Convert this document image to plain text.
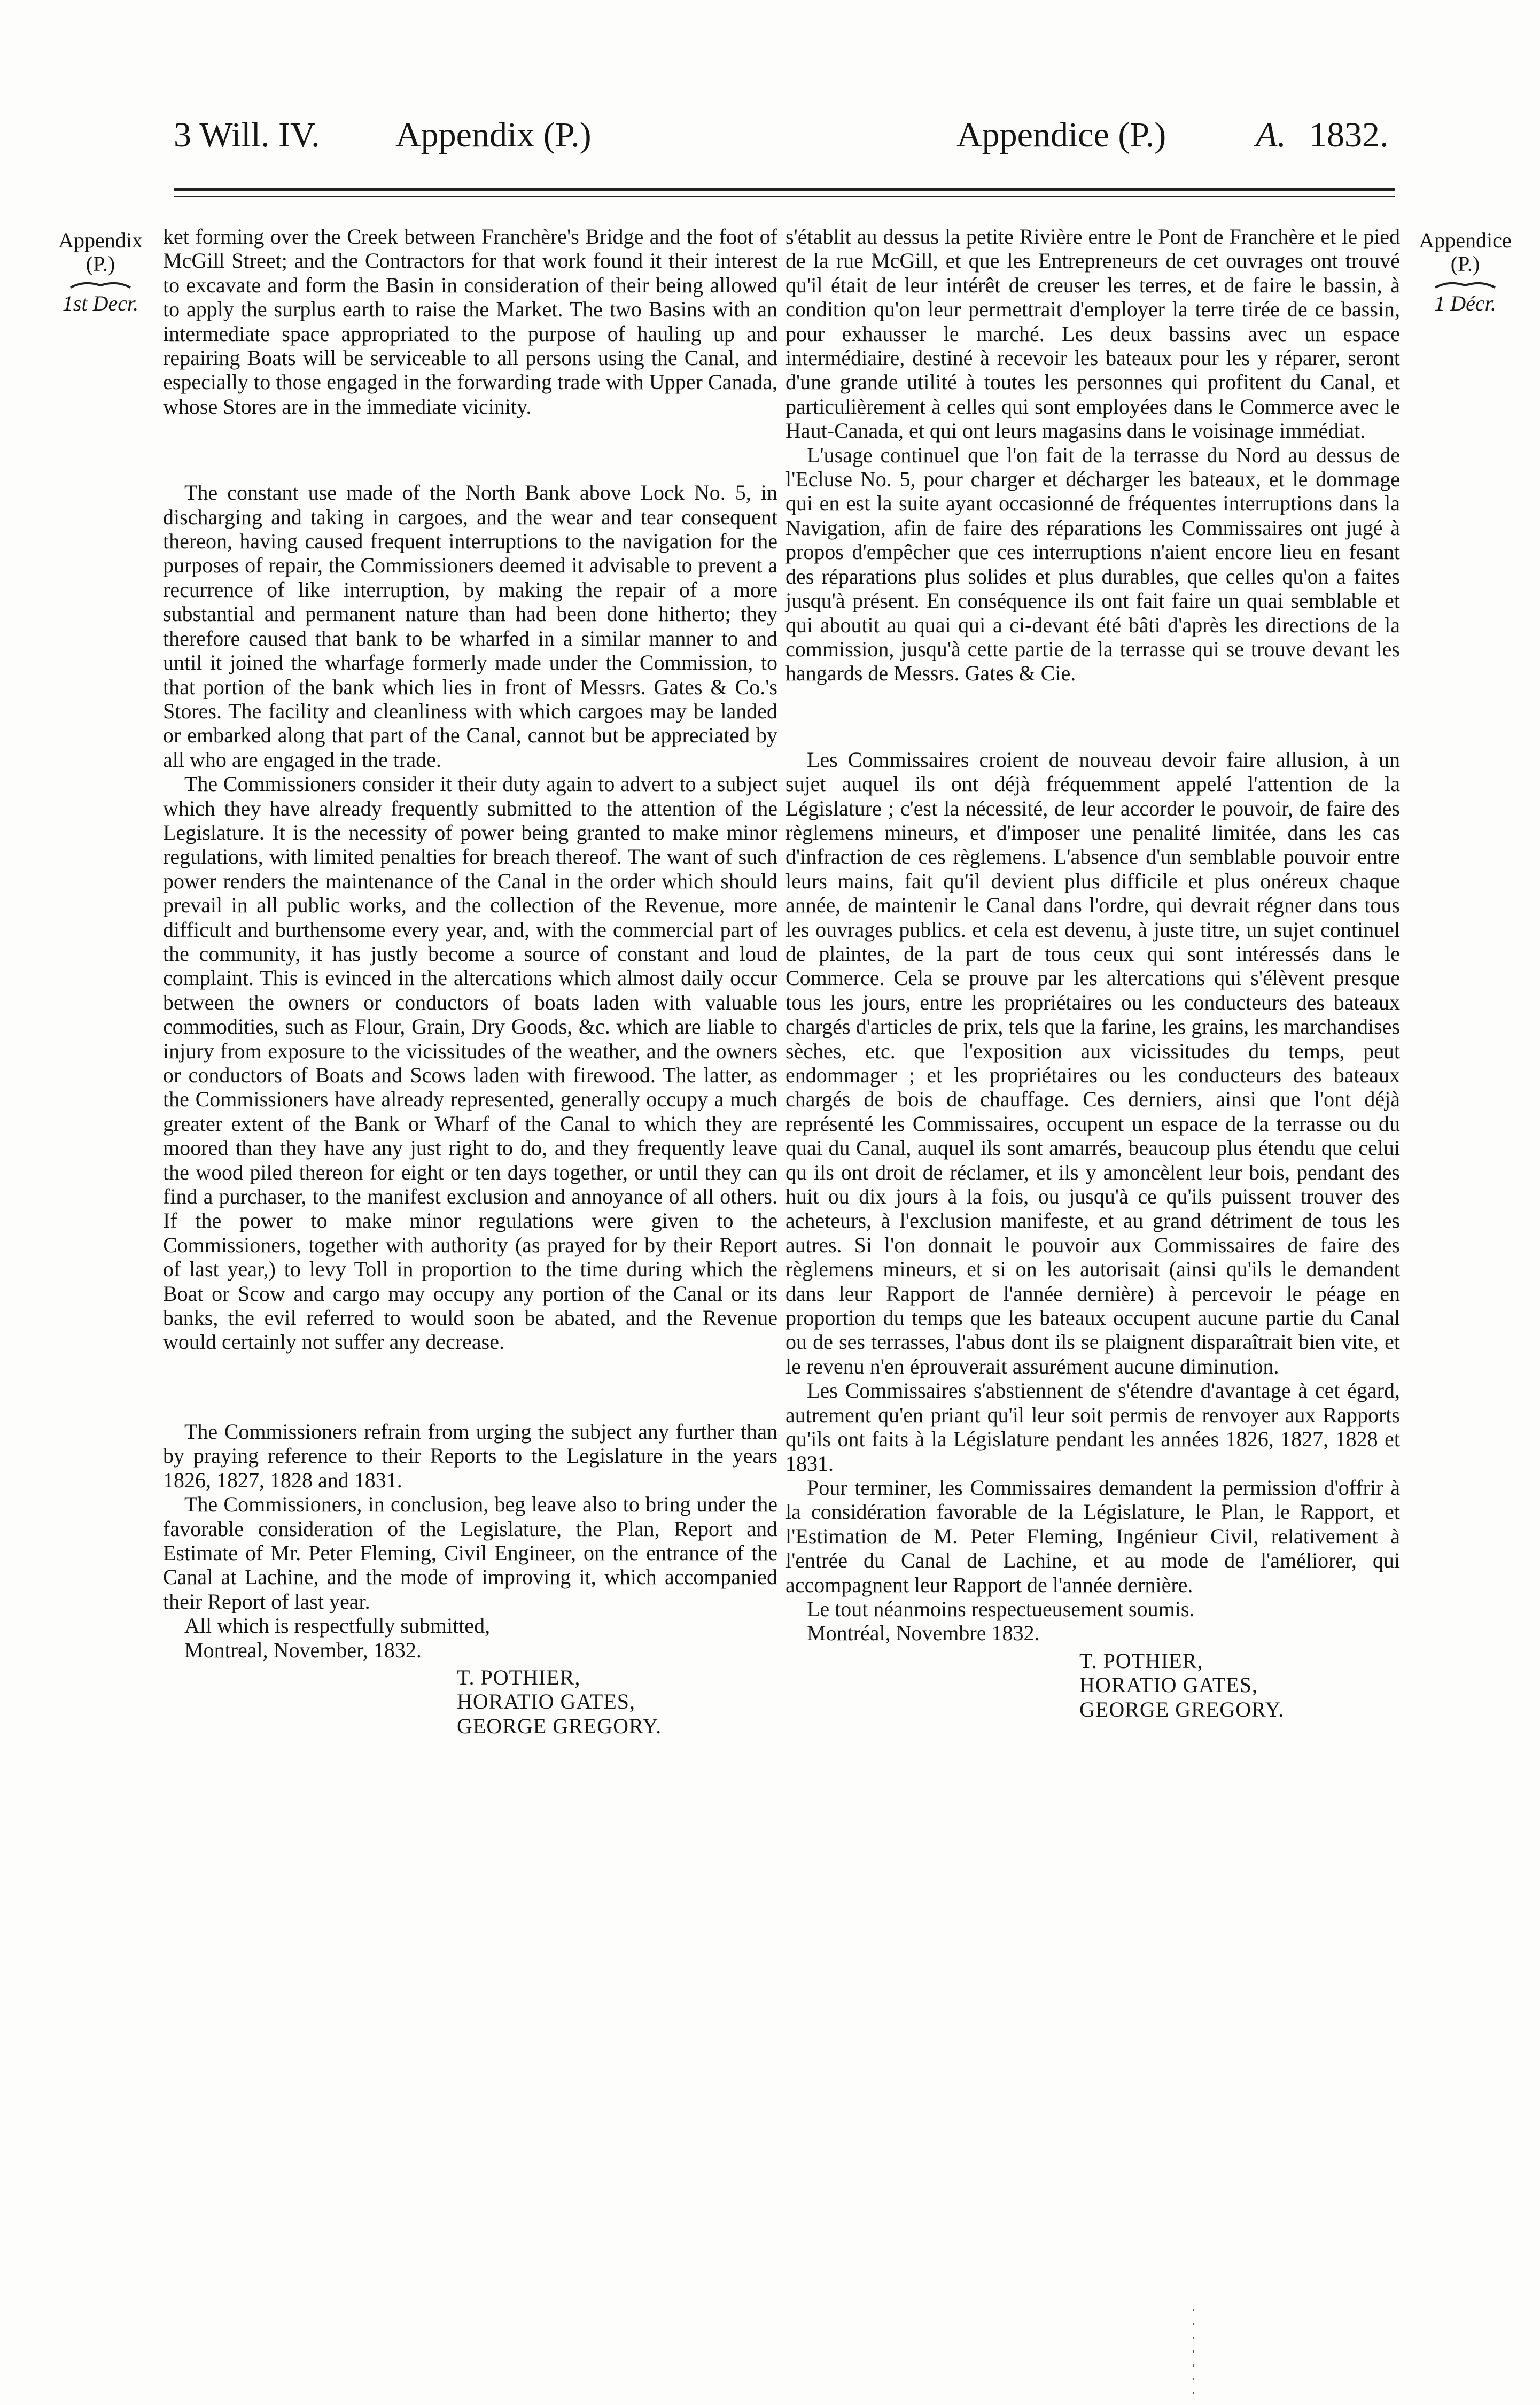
3 Will. IV. Appendix (P.)	Appendice (P.)	A. 1832.
Appendix
(P.)
1st Decr.
Appendice
(P.)
1 Décr.

ket forming over the Creek between Franchère's Bridge and the foot of McGill Street; and the Contractors for that work found it their interest to excavate and form the Basin in consideration of their being allowed to apply the surplus earth to raise the Market. The two Basins with an intermediate space appropriated to the purpose of hauling up and repairing Boats will be serviceable to all persons using the Canal, and especially to those engaged in the forwarding trade with Upper Canada, whose Stores are in the immediate vicinity.

The constant use made of the North Bank above Lock No. 5, in discharging and taking in cargoes, and the wear and tear consequent thereon, having caused frequent interruptions to the navigation for the purposes of repair, the Commissioners deemed it advisable to prevent a recurrence of like interruption, by making the repair of a more substantial and permanent nature than had been done hitherto; they therefore caused that bank to be wharfed in a similar manner to and until it joined the wharfage formerly made under the Commission, to that portion of the bank which lies in front of Messrs. Gates & Co.'s Stores. The facility and cleanliness with which cargoes may be landed or embarked along that part of the Canal, cannot but be appreciated by all who are engaged in the trade.

The Commissioners consider it their duty again to advert to a subject which they have already frequently submitted to the attention of the Legislature. It is the necessity of power being granted to make minor regulations, with limited penalties for breach thereof. The want of such power renders the maintenance of the Canal in the order which should prevail in all public works, and the collection of the Revenue, more difficult and burthensome every year, and, with the commercial part of the community, it has justly become a source of constant and loud complaint. This is evinced in the altercations which almost daily occur between the owners or conductors of boats laden with valuable commodities, such as Flour, Grain, Dry Goods, &c. which are liable to injury from exposure to the vicissitudes of the weather, and the owners or conductors of Boats and Scows laden with firewood. The latter, as the Commissioners have already represented, generally occupy a much greater extent of the Bank or Wharf of the Canal to which they are moored than they have any just right to do, and they frequently leave the wood piled thereon for eight or ten days together, or until they can find a purchaser, to the manifest exclusion and annoyance of all others. If the power to make minor regulations were given to the Commissioners, together with authority (as prayed for by their Report of last year,) to levy Toll in proportion to the time during which the Boat or Scow and cargo may occupy any portion of the Canal or its banks, the evil referred to would soon be abated, and the Revenue would certainly not suffer any decrease.

The Commissioners refrain from urging the subject any further than by praying reference to their Reports to the Legislature in the years 1826, 1827, 1828 and 1831.

The Commissioners, in conclusion, beg leave also to bring under the favorable consideration of the Legislature, the Plan, Report and Estimate of Mr. Peter Fleming, Civil Engineer, on the entrance of the Canal at Lachine, and the mode of improving it, which accompanied their Report of last year.

All which is respectfully submitted,

Montreal, November, 1832.

T. POTHIER,
HORATIO GATES,
GEORGE GREGORY.

s'établit au dessus la petite Rivière entre le Pont de Franchère et le pied de la rue McGill, et que les Entrepreneurs de cet ouvrages ont trouvé qu'il était de leur intérêt de creuser les terres, et de faire le bassin, à condition qu'on leur permettrait d'employer la terre tirée de ce bassin, pour exhausser le marché. Les deux bassins avec un espace intermédiaire, destiné à recevoir les bateaux pour les y réparer, seront d'une grande utilité à toutes les personnes qui profitent du Canal, et particulièrement à celles qui sont employées dans le Commerce avec le Haut-Canada, et qui ont leurs magasins dans le voisinage immédiat.

L'usage continuel que l'on fait de la terrasse du Nord au dessus de l'Ecluse No. 5, pour charger et décharger les bateaux, et le dommage qui en est la suite ayant occasionné de fréquentes interruptions dans la Navigation, afin de faire des réparations les Commissaires ont jugé à propos d'empêcher que ces interruptions n'aient encore lieu en fesant des réparations plus solides et plus durables, que celles qu'on a faites jusqu'à présent. En conséquence ils ont fait faire un quai semblable et qui aboutit au quai qui a ci-devant été bâti d'après les directions de la commission, jusqu'à cette partie de la terrasse qui se trouve devant les hangards de Messrs. Gates & Cie.

Les Commissaires croient de nouveau devoir faire allusion, à un sujet auquel ils ont déjà fréquemment appelé l'attention de la Législature ; c'est la nécessité, de leur accorder le pouvoir, de faire des règlemens mineurs, et d'imposer une penalité limitée, dans les cas d'infraction de ces règlemens. L'absence d'un semblable pouvoir entre leurs mains, fait qu'il devient plus difficile et plus onéreux chaque année, de maintenir le Canal dans l'ordre, qui devrait régner dans tous les ouvrages publics. et cela est devenu, à juste titre, un sujet continuel de plaintes, de la part de tous ceux qui sont intéressés dans le Commerce. Cela se prouve par les altercations qui s'élèvent presque tous les jours, entre les propriétaires ou les conducteurs des bateaux chargés d'articles de prix, tels que la farine, les grains, les marchandises sèches, etc. que l'exposition aux vicissitudes du temps, peut endommager ; et les propriétaires ou les conducteurs des bateaux chargés de bois de chauffage. Ces derniers, ainsi que l'ont déjà représenté les Commissaires, occupent un espace de la terrasse ou du quai du Canal, auquel ils sont amarrés, beaucoup plus étendu que celui qu ils ont droit de réclamer, et ils y amoncèlent leur bois, pendant des huit ou dix jours à la fois, ou jusqu'à ce qu'ils puissent trouver des acheteurs, à l'exclusion manifeste, et au grand détriment de tous les autres. Si l'on donnait le pouvoir aux Commissaires de faire des règlemens mineurs, et si on les autorisait (ainsi qu'ils le demandent dans leur Rapport de l'année dernière) à percevoir le péage en proportion du temps que les bateaux occupent aucune partie du Canal ou de ses terrasses, l'abus dont ils se plaignent disparaîtrait bien vite, et le revenu n'en éprouverait assurément aucune diminution.

Les Commissaires s'abstiennent de s'étendre d'avantage à cet égard, autrement qu'en priant qu'il leur soit permis de renvoyer aux Rapports qu'ils ont faits à la Législature pendant les années 1826, 1827, 1828 et 1831.

Pour terminer, les Commissaires demandent la permission d'offrir à la considération favorable de la Législature, le Plan, le Rapport, et l'Estimation de M. Peter Fleming, Ingénieur Civil, relativement à l'entrée du Canal de Lachine, et au mode de l'améliorer, qui accompagnent leur Rapport de l'année dernière.

Le tout néanmoins respectueusement soumis.

Montréal, Novembre 1832.

T. POTHIER,
HORATIO GATES,
GEORGE GREGORY.
